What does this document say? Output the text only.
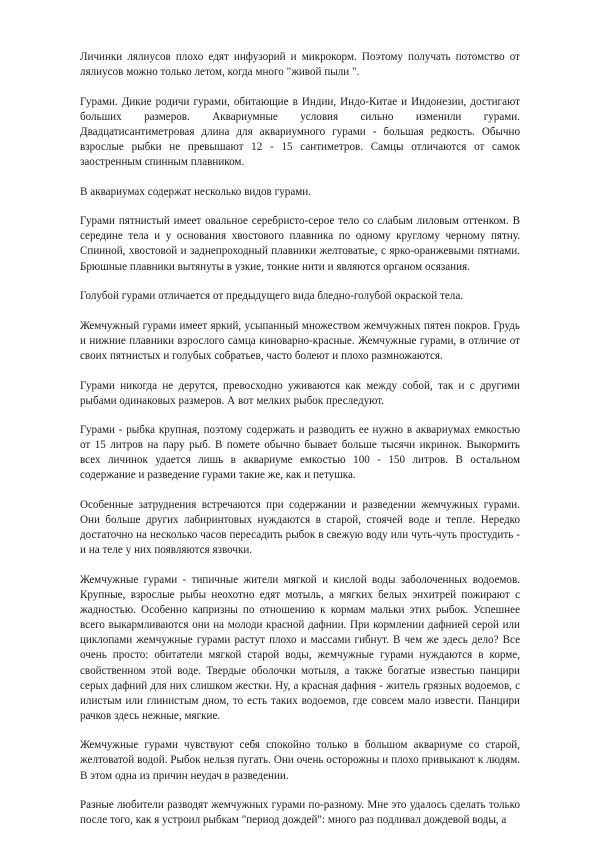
Личинки лялиусов плохо едят инфузорий и микрокорм. Поэтому получать потомство от лялиусов можно только летом, когда много "живой пыли ".

Гурами. Дикие родичи гурами, обитающие в Индии, Индо-Китае и Индонезии, достигают больших размеров. Аквариумные условия сильно изменили гурами. Двадцатисантиметровая длина для аквариумного гурами - большая редкость. Обычно взрослые рыбки не превышают 12 - 15 сантиметров. Самцы отличаются от самок заостренным спинным плавником.

В аквариумах содержат несколько видов гурами.

Гурами пятнистый имеет овальное серебристо-серое тело со слабым лиловым оттенком. В середине тела и у основания хвостового плавника по одному круглому черному пятну. Спинной, хвостовой и заднепроходный плавники желтоватые, с ярко-оранжевыми пятнами. Брюшные плавники вытянуты в узкие, тонкие нити и являются органом осязания.

Голубой гурами отличается от предыдущего вида бледно-голубой окраской тела.

Жемчужный гурами имеет яркий, усыпанный множеством жемчужных пятен покров. Грудь и нижние плавники взрослого самца киноварно-красные. Жемчужные гурами, в отличие от своих пятнистых и голубых собратьев, часто болеют и плохо размножаются.

Гурами никогда не дерутся, превосходно уживаются как между собой, так и с другими рыбами одинаковых размеров. А вот мелких рыбок преследуют.

Гурами - рыбка крупная, поэтому содержать и разводить ее нужно в аквариумах емкостью от 15 литров на пару рыб. В помете обычно бывает больше тысячи икринок. Выкормить всех личинок удается лишь в аквариуме емкостью 100 - 150 литров. В остальном содержание и разведение гурами такие же, как и петушка.

Особенные затруднения встречаются при содержании и разведении жемчужных гурами. Они больше других лабиринтовых нуждаются в старой, стоячей воде и тепле. Нередко достаточно на несколько часов пересадить рыбок в свежую воду или чуть-чуть простудить - и на теле у них появляются язвочки.

Жемчужные гурами - типичные жители мягкой и кислой воды заболоченных водоемов. Крупные, взрослые рыбы неохотно едят мотыль, а мягких белых энхитрей пожирают с жадностью. Особенно капризны по отношению к кормам мальки этих рыбок. Успешнее всего выкармливаются они на молоди красной дафнии. При кормлении дафнией серой или циклопами жемчужные гурами растут плохо и массами гибнут. В чем же здесь дело? Все очень просто: обитатели мягкой старой воды, жемчужные гурами нуждаются в корме, свойственном этой воде. Твердые оболочки мотыля, а также богатые известью панцири серых дафний для них слишком жестки. Ну, а красная дафния - житель грязных водоемов, с илистым или глинистым дном, то есть таких водоемов, где совсем мало извести. Панцири рачков здесь нежные, мягкие.

Жемчужные гурами чувствуют себя спокойно только в большом аквариуме со старой, желтоватой водой. Рыбок нельзя пугать. Они очень осторожны и плохо привыкают к людям. В этом одна из причин неудач в разведении.

Разные любители разводят жемчужных гурами по-разному. Мне это удалось сделать только после того, как я устроил рыбкам "период дождей": много раз подливал дождевой воды, а
